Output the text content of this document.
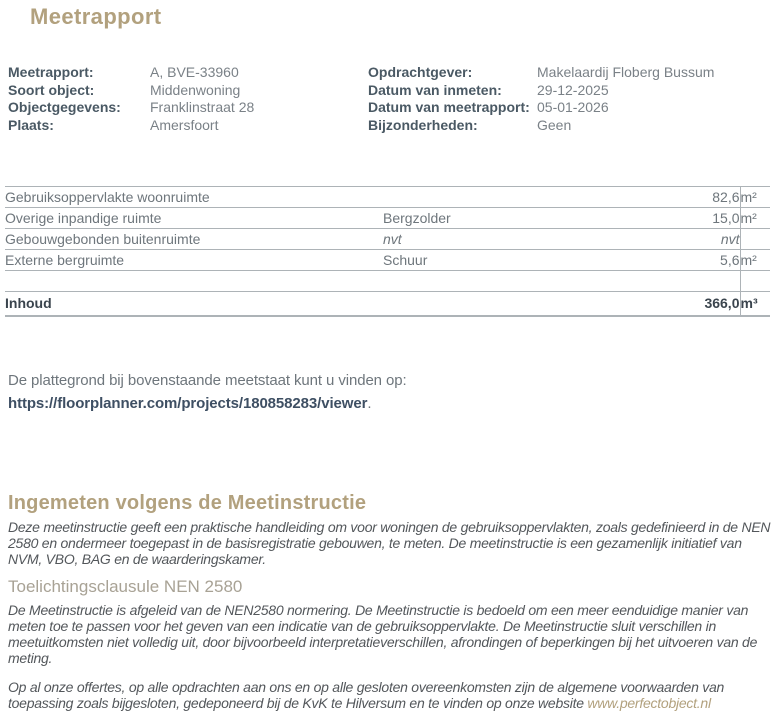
Meetrapport
Meetrapport:	A, BVE-33960
Soort object:	Middenwoning
Objectgegevens: Franklinstraat 28
Plaats:	Amersfoort
Opdrachtgever:	Makelaardij Floberg Bussum
Datum van inmeten:	29-12-2025
Datum van meetrapport: 05-01-2026
Bijzonderheden:	Geen
Gebruiksoppervlakte woonruimte		82,6	m²
Overige inpandige ruimte	Bergzolder	15,0	m²
Gebouwgebonden buitenruimte	nvt	nvt	
Externe bergruimte	Schuur	5,6	m²

Inhoud		366,0	m³
De plattegrond bij bovenstaande meetstaat kunt u vinden op:
https://floorplanner.com/projects/180858283/viewer.
Ingemeten volgens de Meetinstructie
Deze meetinstructie geeft een praktische handleiding om voor woningen de gebruiksoppervlakten, zoals gedefinieerd in de NEN 2580 en ondermeer toegepast in de basisregistratie gebouwen, te meten. De meetinstructie is een gezamenlijk initiatief van NVM, VBO, BAG en de waarderingskamer.
Toelichtingsclausule NEN 2580
De Meetinstructie is afgeleid van de NEN2580 normering. De Meetinstructie is bedoeld om een meer eenduidige manier van meten toe te passen voor het geven van een indicatie van de gebruiksoppervlakte. De Meetinstructie sluit verschillen in meetuitkomsten niet volledig uit, door bijvoorbeeld interpretatieverschillen, afrondingen of beperkingen bij het uitvoeren van de meting.
Op al onze offertes, op alle opdrachten aan ons en op alle gesloten overeenkomsten zijn de algemene voorwaarden van toepassing zoals bijgesloten, gedeponeerd bij de KvK te Hilversum en te vinden op onze website www.perfectobject.nl
